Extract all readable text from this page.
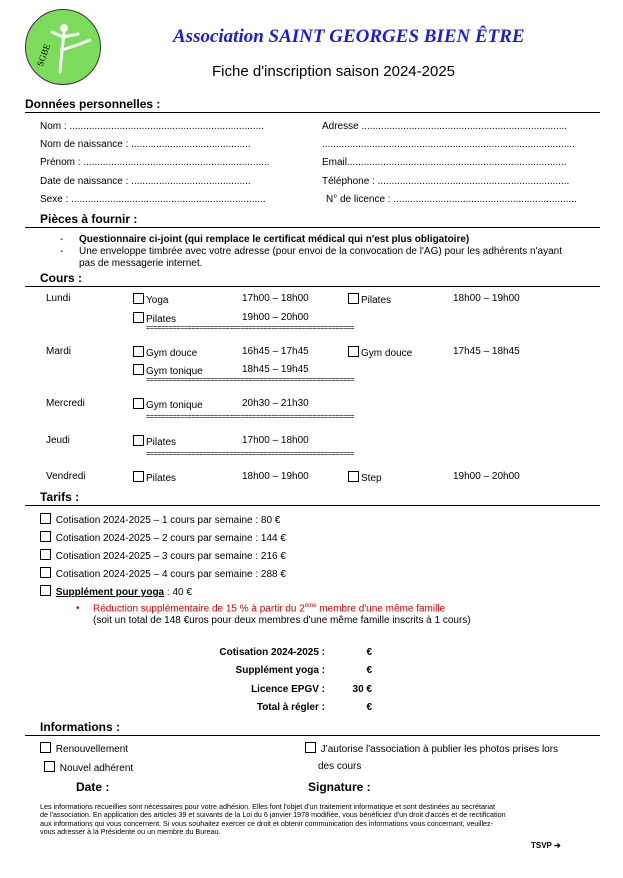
SGBE
Association SAINT GEORGES BIEN ÊTRE
Fiche d'inscription saison 2024-2025
Données personnelles :
Nom : ......................................................................	Adresse ..........................................................................
Nom de naissance : ...........................................	...........................................................................................
Prénom : ...................................................................	Email...............................................................................
Date de naissance : ...........................................	Téléphone : .....................................................................
Sexe : ......................................................................	N° de licence : ..................................................................
Pièces à fournir :
- Questionnaire ci-joint (qui remplace le certificat médical qui n'est plus obligatoire)
- Une enveloppe timbrée avec votre adresse (pour envoi de la convocation de l'AG) pour les adhérents n'ayant
pas de messagerie internet.
Cours :
Lundi	Yoga	17h00 – 18h00	Pilates	18h00 – 19h00
Pilates	19h00 – 20h00
=======================================================
Mardi	Gym douce	16h45 – 17h45	Gym douce	17h45 – 18h45
Gym tonique	18h45 – 19h45
=======================================================
Mercredi	Gym tonique	20h30 – 21h30
=======================================================
Jeudi	Pilates	17h00 – 18h00
=======================================================
Vendredi	Pilates	18h00 – 19h00	Step	19h00 – 20h00
Tarifs :
Cotisation 2024-2025 – 1 cours par semaine : 80 €
Cotisation 2024-2025 – 2 cours par semaine : 144 €
Cotisation 2024-2025 – 3 cours par semaine : 216 €
Cotisation 2024-2025 – 4 cours par semaine : 288 €
Supplément pour yoga : 40 €
• Réduction supplémentaire de 15 % à partir du 2ème membre d'une même famille
(soit un total de 148 €uros pour deux membres d'une même famille inscrits à 1 cours)
Cotisation 2024-2025 :	€
Supplément yoga :	€
Licence EPGV :	30 €
Total à régler :	€
Informations :
Renouvellement
Nouvel adhérent
J'autorise l'association à publier les photos prises lors
des cours
Date :	Signature :
Les informations recueillies sont nécessaires pour votre adhésion. Elles font l'objet d'un traitement informatique et sont destinées au secrétariat
de l'association. En application des articles 39 et suivants de la Loi du 6 janvier 1978 modifiée, vous bénéficiez d'un droit d'accès et de rectification
aux informations qui vous concernent. Si vous souhaitez exercer ce droit et obtenir communication des informations vous concernant, veuillez-
vous adresser à la Présidente ou un membre du Bureau.
TSVP ➔
